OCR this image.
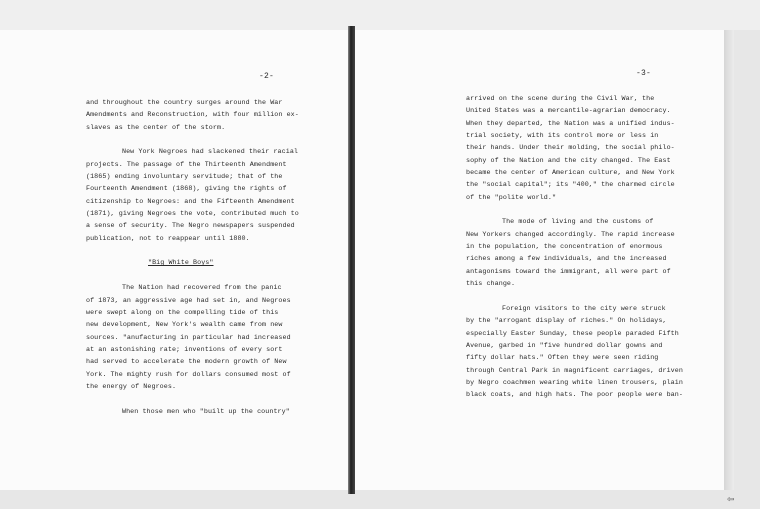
-2-
and throughout the country surges around the War
Amendments and Reconstruction, with four million ex-
slaves as the center of the storm.
New York Negroes had slackened their racial
projects. The passage of the Thirteenth Amendment
(1865) ending involuntary servitude; that of the
Fourteenth Amendment (1868), giving the rights of
citizenship to Negroes: and the Fifteenth Amendment
(1871), giving Negroes the vote, contributed much to
a sense of security. The Negro newspapers suspended
publication, not to reappear until 1880.
"Big White Boys"
The Nation had recovered from the panic
of 1873, an aggressive age had set in, and Negroes
were swept along on the compelling tide of this
new development, New York's wealth came from new
sources. "anufacturing in particular had increased
at an astonishing rate; inventions of every sort
had served to accelerate the modern growth of New
York. The mighty rush for dollars consumed most of
the energy of Negroes.
When those men who "built up the country"
-3-
arrived on the scene during the Civil War, the
United States was a mercantile-agrarian democracy.
When they departed, the Nation was a unified indus-
trial society, with its control more or less in
their hands. Under their molding, the social philo-
sophy of the Nation and the city changed. The East
became the center of American culture, and New York
the "social capital"; its "400," the charmed circle
of the "polite world."
The mode of living and the customs of
New Yorkers changed accordingly. The rapid increase
in the population, the concentration of enormous
riches among a few individuals, and the increased
antagonisms toward the immigrant, all were part of
this change.
Foreign visitors to the city were struck
by the "arrogant display of riches." On holidays,
especially Easter Sunday, these people paraded Fifth
Avenue, garbed in "five hundred dollar gowns and
fifty dollar hats." Often they were seen riding
through Central Park in magnificent carriages, driven
by Negro coachmen wearing white linen trousers, plain
black coats, and high hats. The poor people were ban-
⇦
